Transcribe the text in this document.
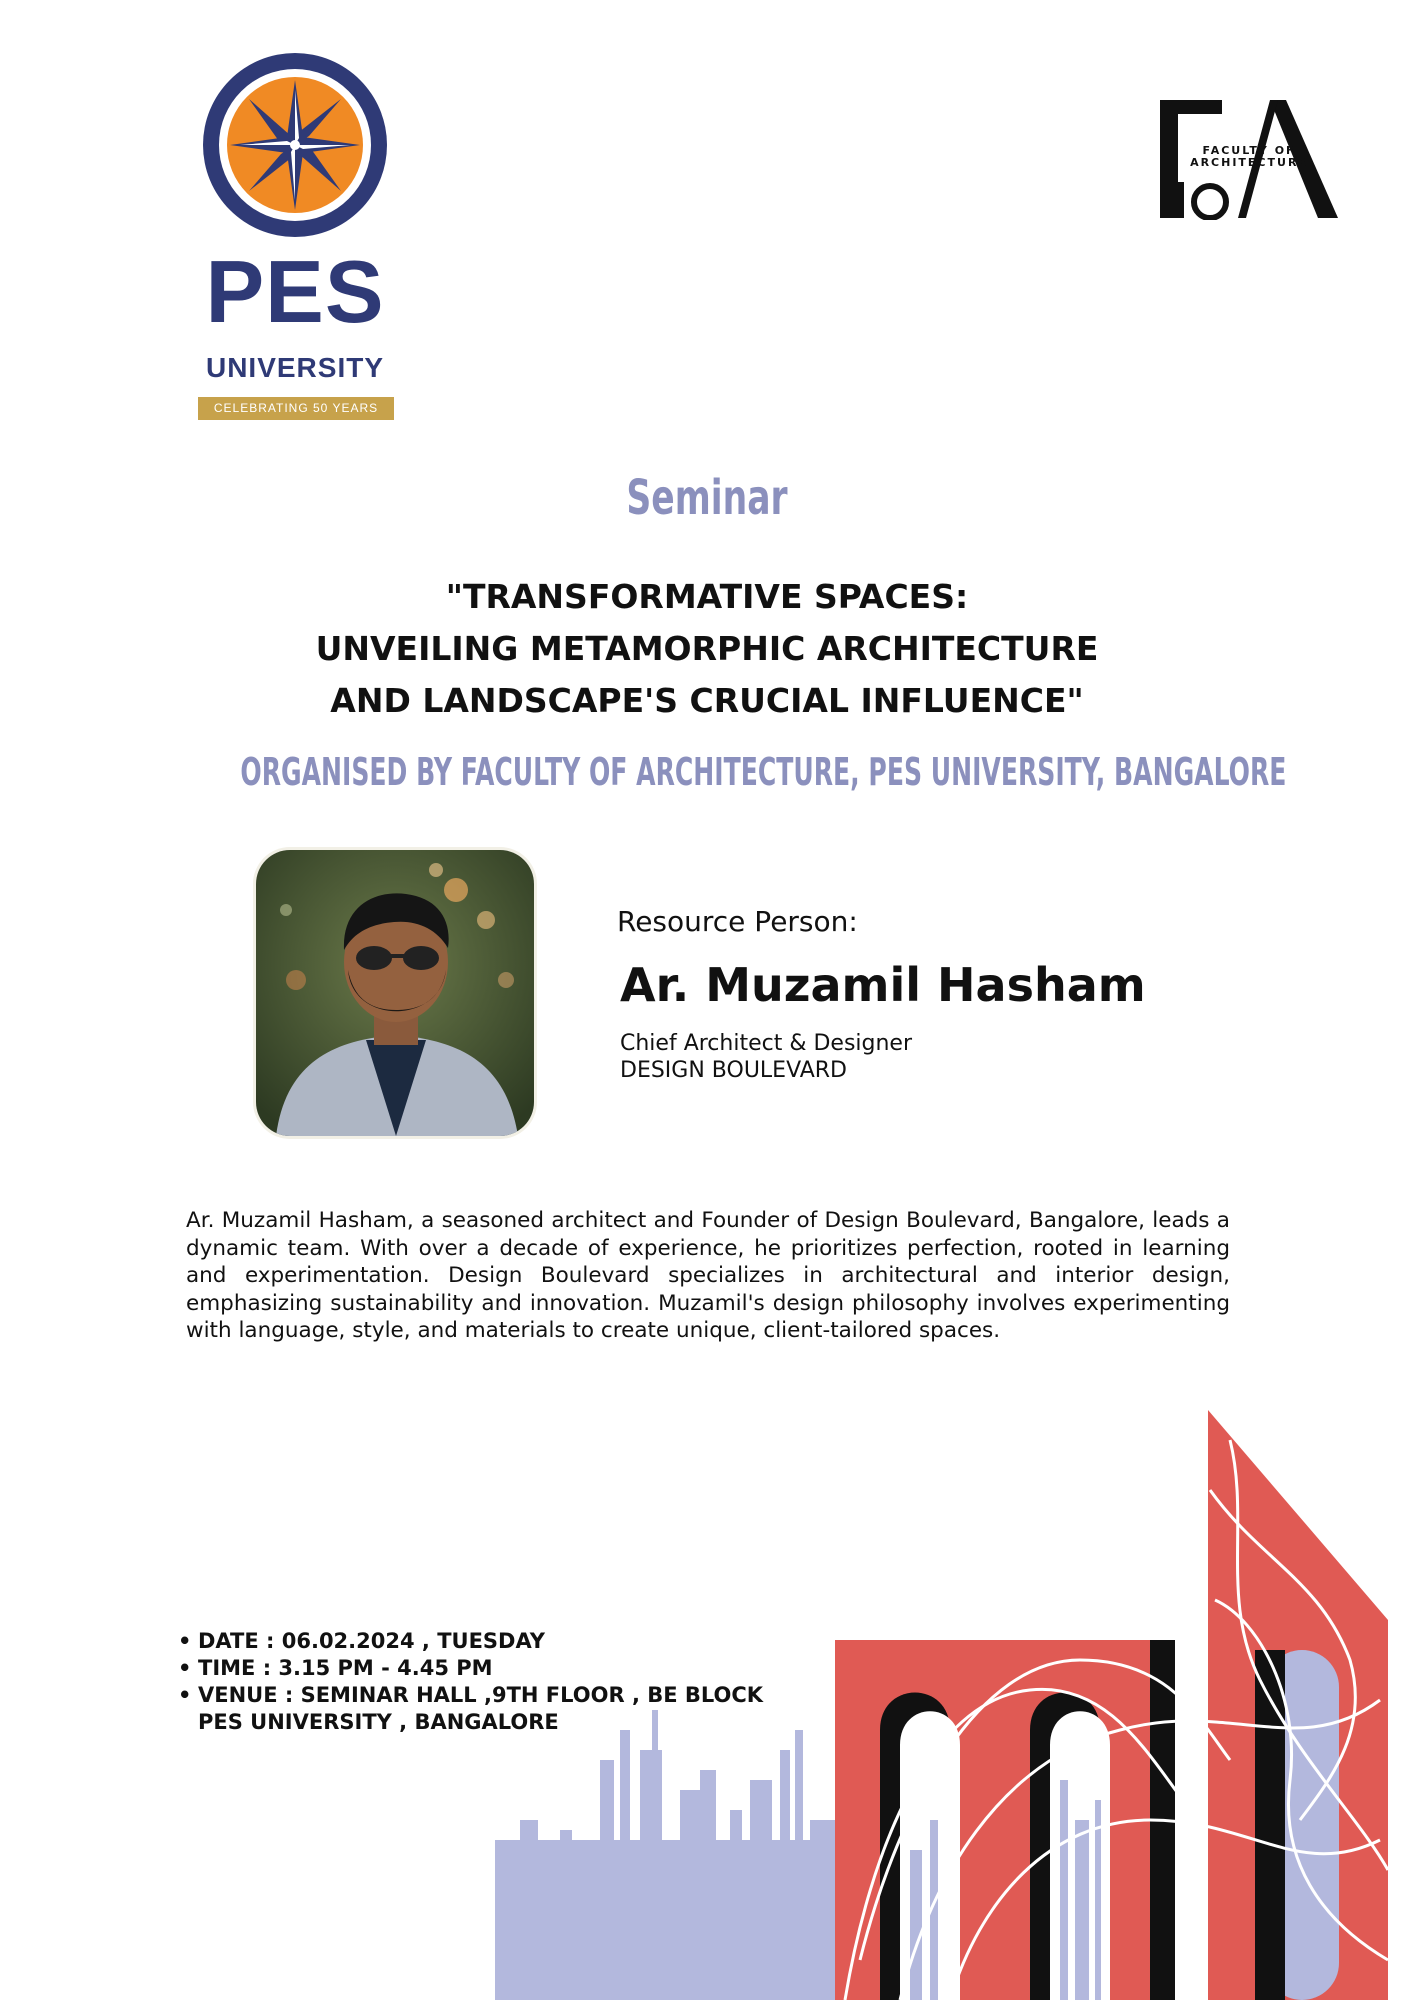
PES
UNIVERSITY
CELEBRATING 50 YEARS
FACULTY OF
ARCHITECTURE
Seminar
"TRANSFORMATIVE SPACES:
UNVEILING METAMORPHIC ARCHITECTURE
AND LANDSCAPE'S CRUCIAL INFLUENCE"
ORGANISED BY FACULTY OF ARCHITECTURE, PES UNIVERSITY, BANGALORE
Resource Person:
Ar. Muzamil Hasham
Chief Architect & Designer
DESIGN BOULEVARD
Ar. Muzamil Hasham, a seasoned architect and Founder of Design Boulevard, Bangalore, leads a dynamic team. With over a decade of experience, he prioritizes perfection, rooted in learning and experimentation. Design Boulevard specializes in architectural and interior design, emphasizing sustainability and innovation. Muzamil's design philosophy involves experimenting with language, style, and materials to create unique, client-tailored spaces.
• DATE : 06.02.2024 , TUESDAY
• TIME : 3.15 PM - 4.45 PM
• VENUE : SEMINAR HALL ,9TH FLOOR , BE BLOCK
PES UNIVERSITY , BANGALORE
